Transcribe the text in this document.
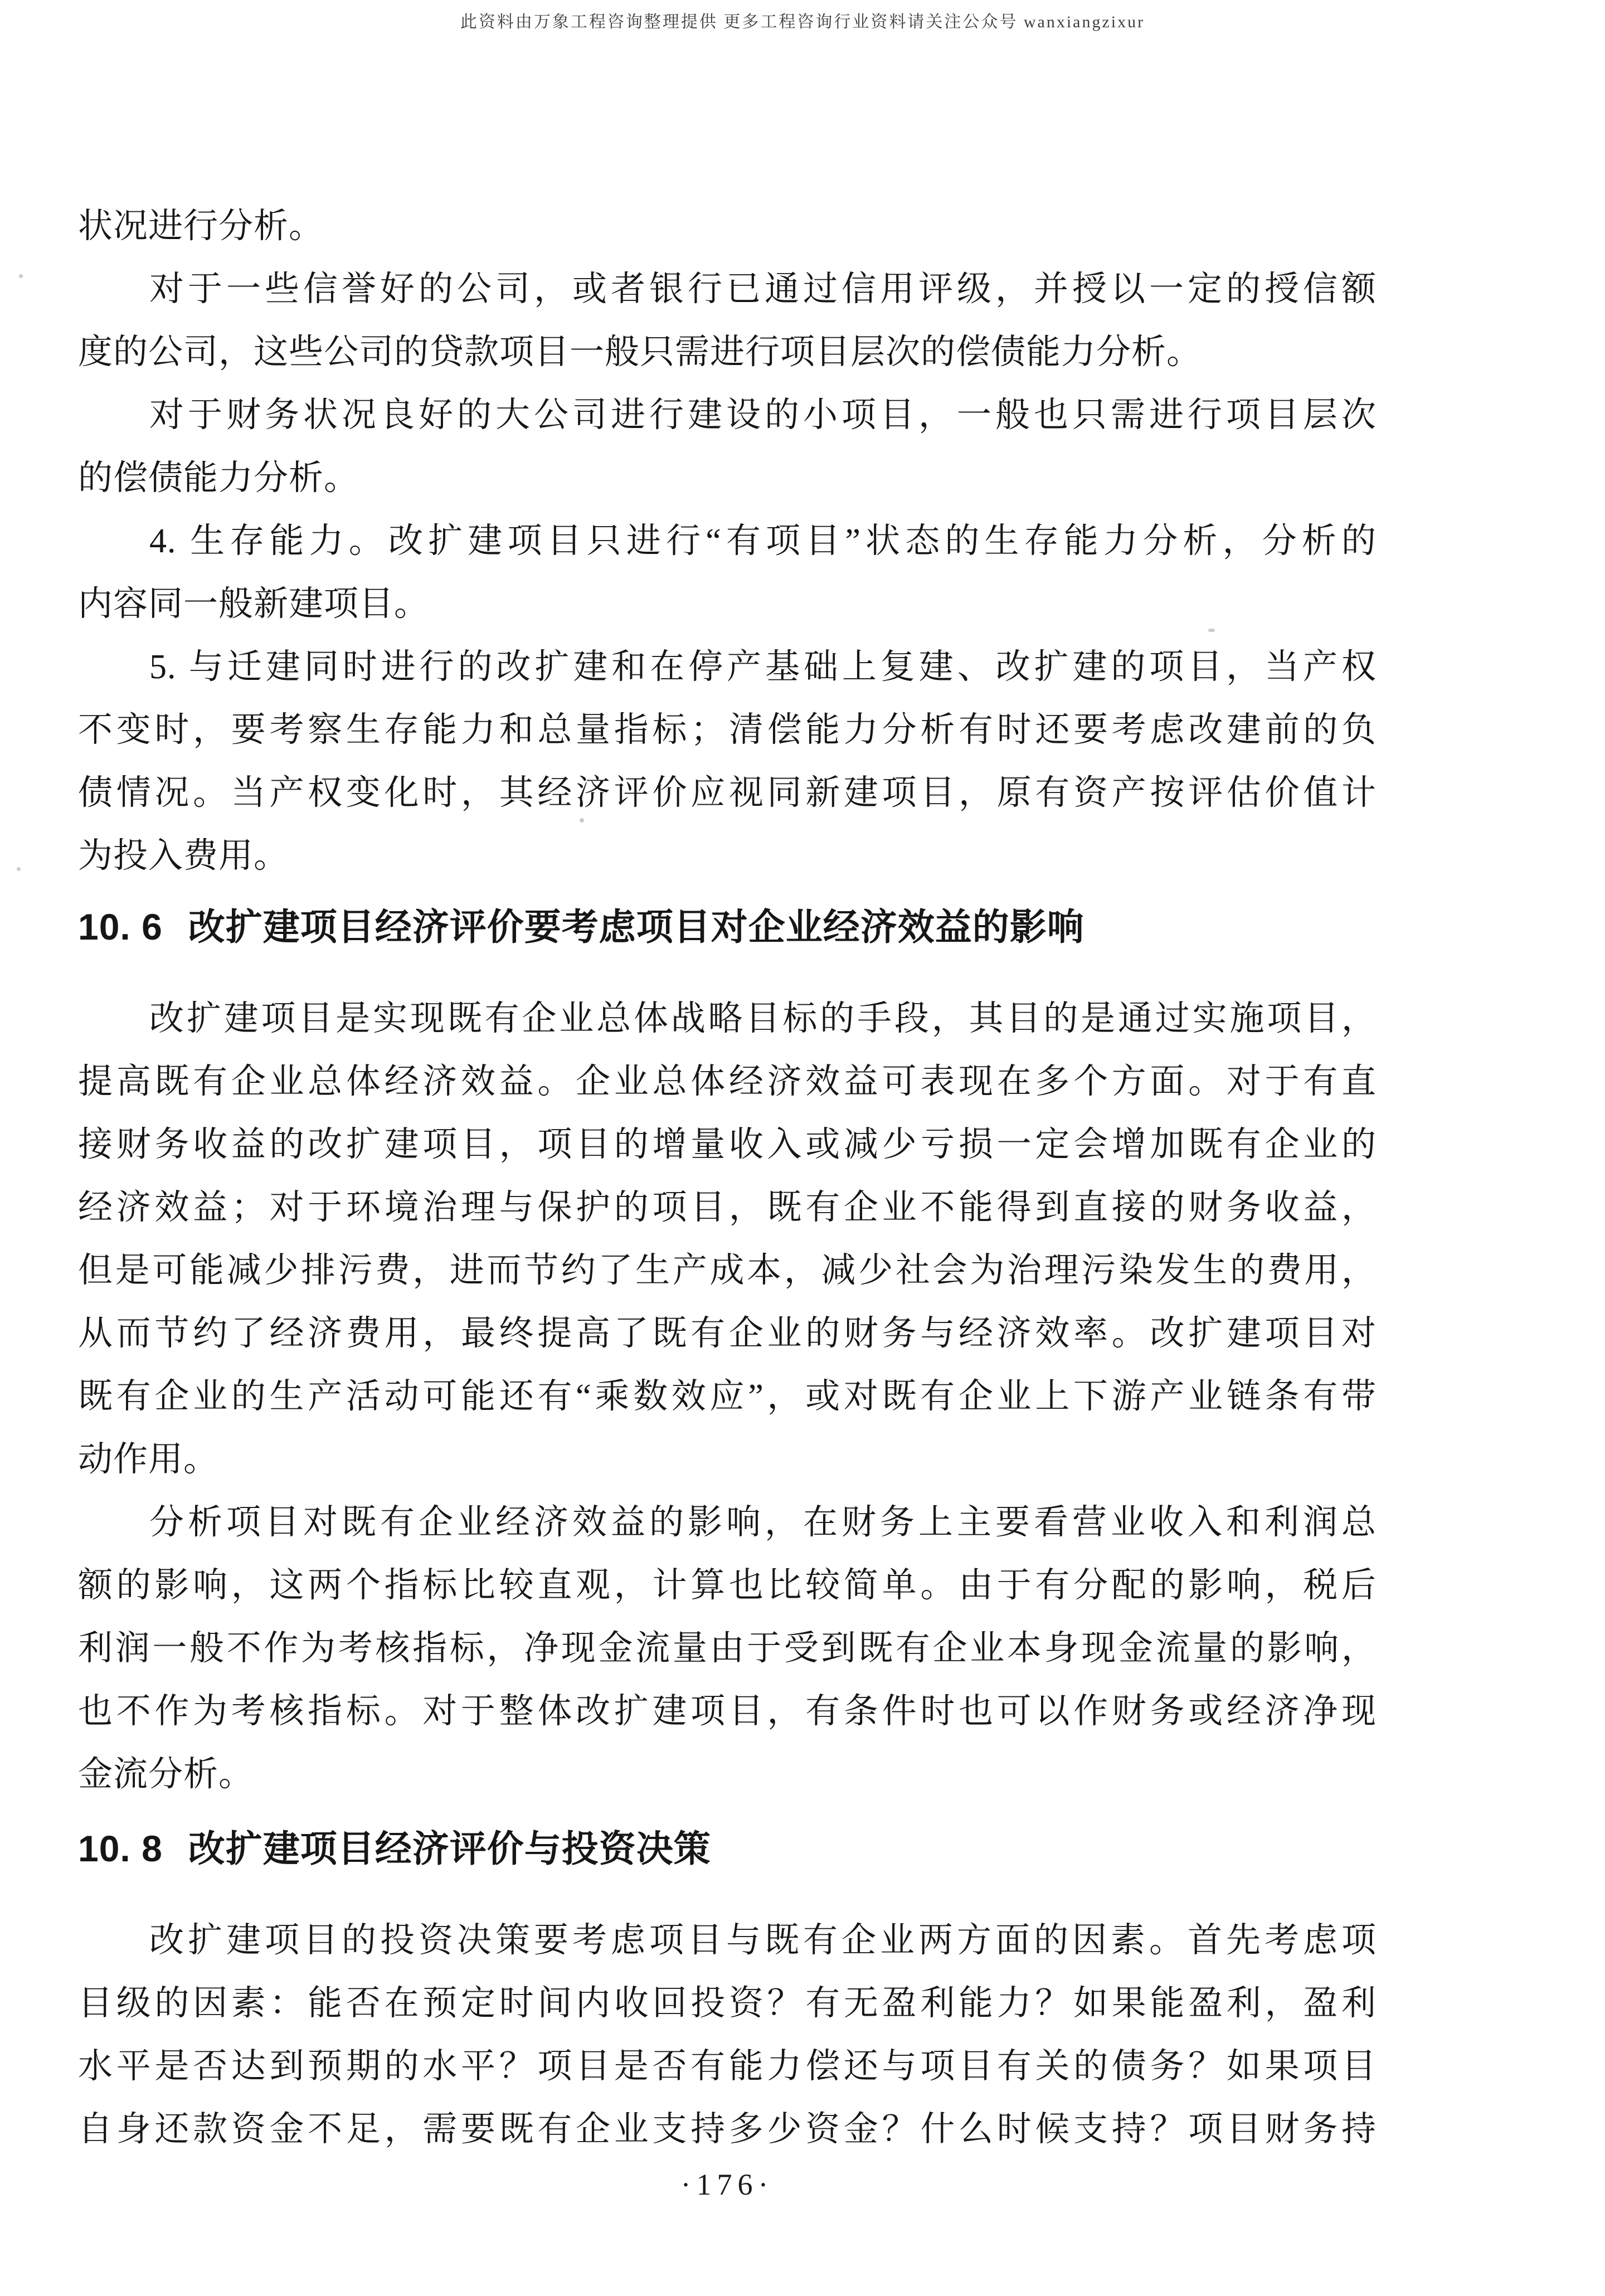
此资料由万象工程咨询整理提供 更多工程咨询行业资料请关注公众号 wanxiangzixur
状况进行分析。
对于一些信誉好的公司，或者银行已通过信用评级，并授以一定的授信额
度的公司，这些公司的贷款项目一般只需进行项目层次的偿债能力分析。
对于财务状况良好的大公司进行建设的小项目，一般也只需进行项目层次
的偿债能力分析。
4. 生存能力。改扩建项目只进行“有项目”状态的生存能力分析，分析的
内容同一般新建项目。
5. 与迁建同时进行的改扩建和在停产基础上复建、改扩建的项目，当产权
不变时，要考察生存能力和总量指标；清偿能力分析有时还要考虑改建前的负
债情况。当产权变化时，其经济评价应视同新建项目，原有资产按评估价值计
为投入费用。
10. 6 改扩建项目经济评价要考虑项目对企业经济效益的影响
改扩建项目是实现既有企业总体战略目标的手段，其目的是通过实施项目，
提高既有企业总体经济效益。企业总体经济效益可表现在多个方面。对于有直
接财务收益的改扩建项目，项目的增量收入或减少亏损一定会增加既有企业的
经济效益；对于环境治理与保护的项目，既有企业不能得到直接的财务收益，
但是可能减少排污费，进而节约了生产成本，减少社会为治理污染发生的费用，
从而节约了经济费用，最终提高了既有企业的财务与经济效率。改扩建项目对
既有企业的生产活动可能还有“乘数效应”，或对既有企业上下游产业链条有带
动作用。
分析项目对既有企业经济效益的影响，在财务上主要看营业收入和利润总
额的影响，这两个指标比较直观，计算也比较简单。由于有分配的影响，税后
利润一般不作为考核指标，净现金流量由于受到既有企业本身现金流量的影响，
也不作为考核指标。对于整体改扩建项目，有条件时也可以作财务或经济净现
金流分析。
10. 8 改扩建项目经济评价与投资决策
改扩建项目的投资决策要考虑项目与既有企业两方面的因素。首先考虑项
目级的因素：能否在预定时间内收回投资？有无盈利能力？如果能盈利，盈利
水平是否达到预期的水平？项目是否有能力偿还与项目有关的债务？如果项目
自身还款资金不足，需要既有企业支持多少资金？什么时候支持？项目财务持
·176·
